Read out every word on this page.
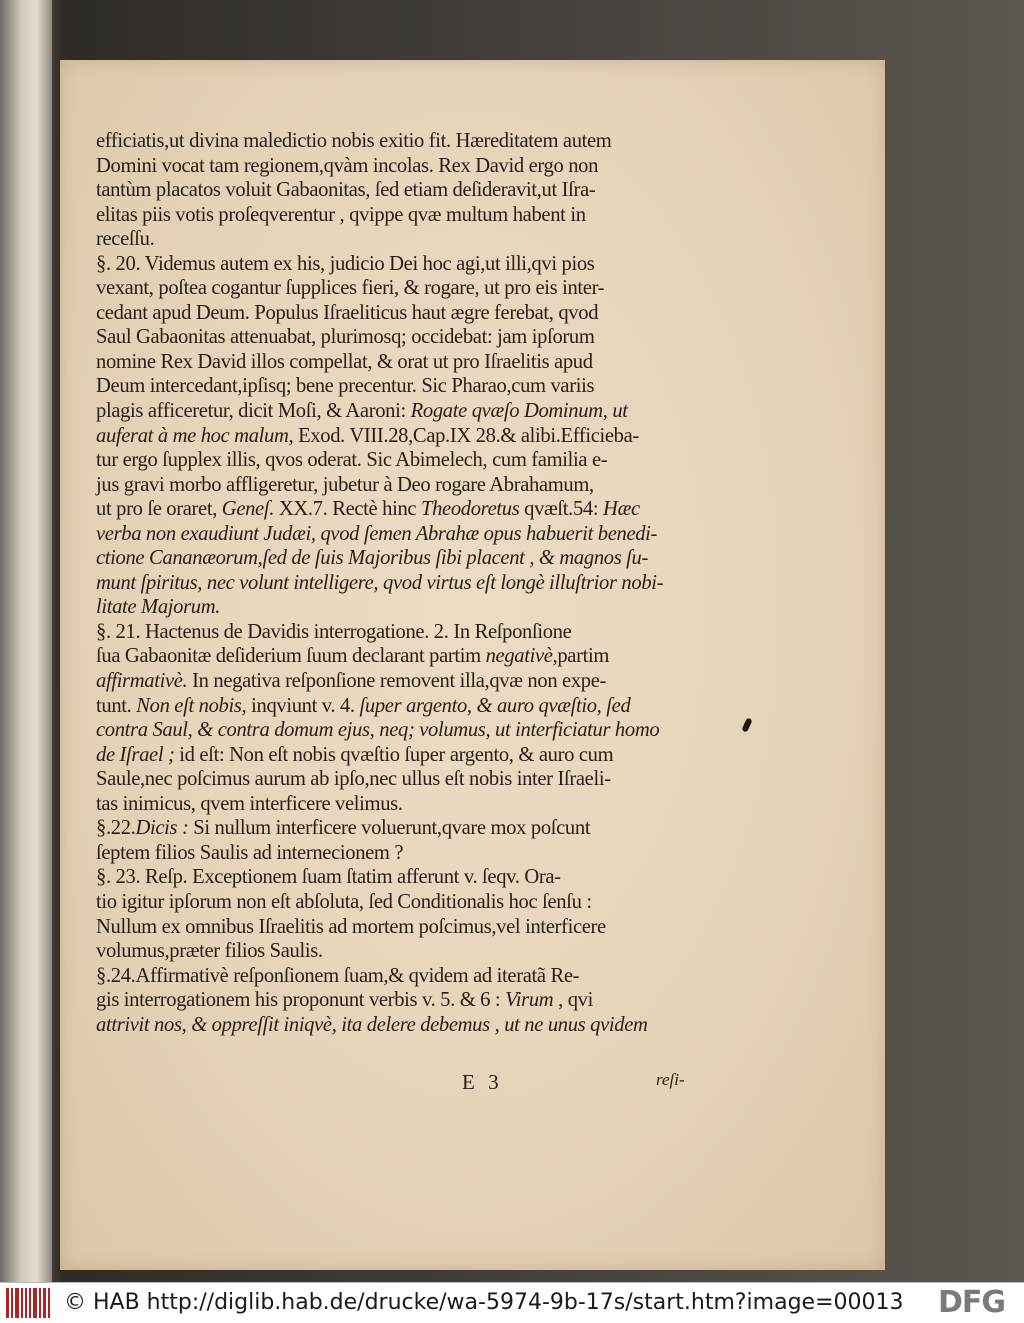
efficiatis,ut divina maledictio nobis exitio fit. Hæreditatem autem
Domini vocat tam regionem,qvàm incolas. Rex David ergo non
tantùm placatos voluit Gabaonitas, ſed etiam deſideravit,ut Iſra-
elitas piis votis proſeqverentur , qvippe qvæ multum habent in
receſſu.
§. 20. Videmus autem ex his, judicio Dei hoc agi,ut illi,qvi pios
vexant, poſtea cogantur ſupplices fieri, & rogare, ut pro eis inter-
cedant apud Deum. Populus Iſraeliticus haut ægre ferebat, qvod
Saul Gabaonitas attenuabat, plurimosq; occidebat: jam ipſorum
nomine Rex David illos compellat, & orat ut pro Iſraelitis apud
Deum intercedant,ipſisq; bene precentur. Sic Pharao,cum variis
plagis afficeretur, dicit Moſi, & Aaroni: Rogate qvæſo Dominum, ut
auferat à me hoc malum, Exod. VIII.28,Cap.IX 28.& alibi.Efficieba-
tur ergo ſupplex illis, qvos oderat. Sic Abimelech, cum familia e-
jus gravi morbo affligeretur, jubetur à Deo rogare Abrahamum,
ut pro ſe oraret, Geneſ. XX.7. Rectè hinc Theodoretus qvæſt.54: Hæc
verba non exaudiunt Judæi, qvod ſemen Abrahæ opus habuerit benedi-
ctione Cananæorum,ſed de ſuis Majoribus ſibi placent , & magnos ſu-
munt ſpiritus, nec volunt intelligere, qvod virtus eſt longè illuſtrior nobi-
litate Majorum.
§. 21. Hactenus de Davidis interrogatione. 2. In Reſponſione
ſua Gabaonitæ deſiderium ſuum declarant partim negativè,partim
affirmativè. In negativa reſponſione removent illa,qvæ non expe-
tunt. Non eſt nobis, inqviunt v. 4. ſuper argento, & auro qvæſtio, ſed
contra Saul, & contra domum ejus, neq; volumus, ut interficiatur homo
de Iſrael ; id eſt: Non eſt nobis qvæſtio ſuper argento, & auro cum
Saule,nec poſcimus aurum ab ipſo,nec ullus eſt nobis inter Iſraeli-
tas inimicus, qvem interficere velimus.
§.22.Dicis : Si nullum interficere voluerunt,qvare mox poſcunt
ſeptem filios Saulis ad internecionem ?
§. 23. Reſp. Exceptionem ſuam ſtatim afferunt v. ſeqv. Ora-
tio igitur ipſorum non eſt abſoluta, ſed Conditionalis hoc ſenſu :
Nullum ex omnibus Iſraelitis ad mortem poſcimus,vel interficere
volumus,præter filios Saulis.
§.24.Affirmativè reſponſionem ſuam,& qvidem ad iteratã Re-
gis interrogationem his proponunt verbis v. 5. & 6 : Virum , qvi
attrivit nos, & oppreſſit iniqvè, ita delere debemus , ut ne unus qvidem
E 3	reſi-
© HAB http://diglib.hab.de/drucke/wa-5974-9b-17s/start.htm?image=00013 DFG
